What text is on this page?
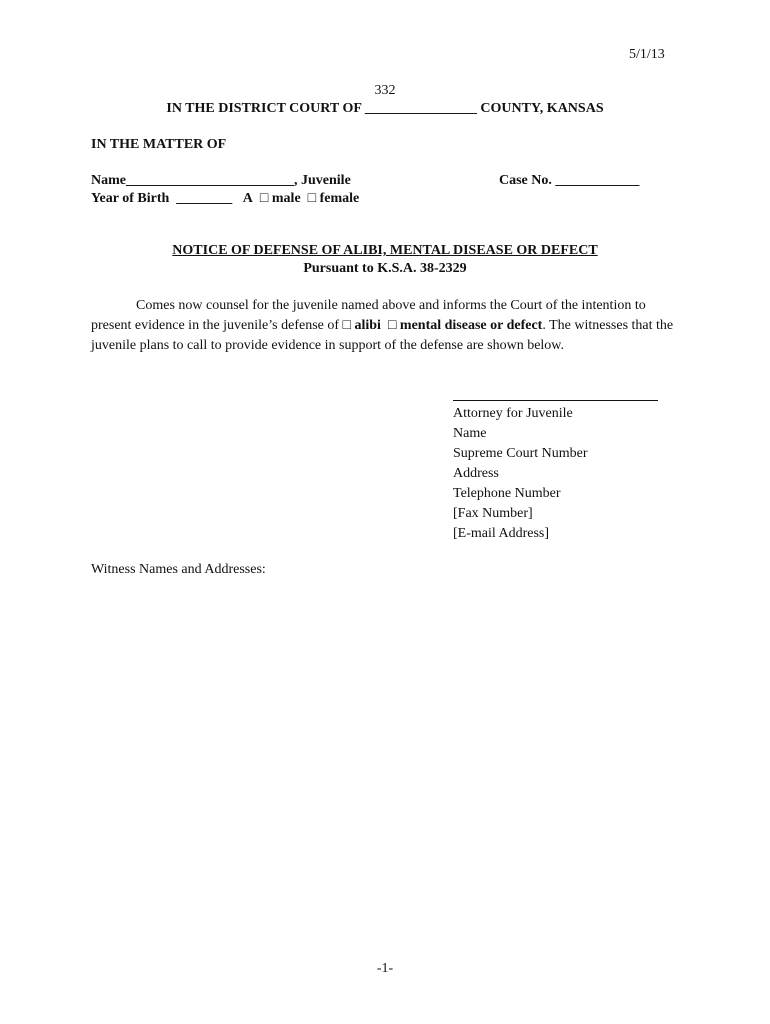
5/1/13
332
IN THE DISTRICT COURT OF ________________ COUNTY, KANSAS
IN THE MATTER OF
Name________________________, Juvenile	Case No. ____________
Year of Birth ________ A □ male □ female
NOTICE OF DEFENSE OF ALIBI, MENTAL DISEASE OR DEFECT
Pursuant to K.S.A. 38-2329
Comes now counsel for the juvenile named above and informs the Court of the intention to present evidence in the juvenile’s defense of □ alibi □ mental disease or defect. The witnesses that the juvenile plans to call to provide evidence in support of the defense are shown below.
Attorney for Juvenile
Name
Supreme Court Number
Address
Telephone Number
[Fax Number]
[E-mail Address]
Witness Names and Addresses:
-1-
